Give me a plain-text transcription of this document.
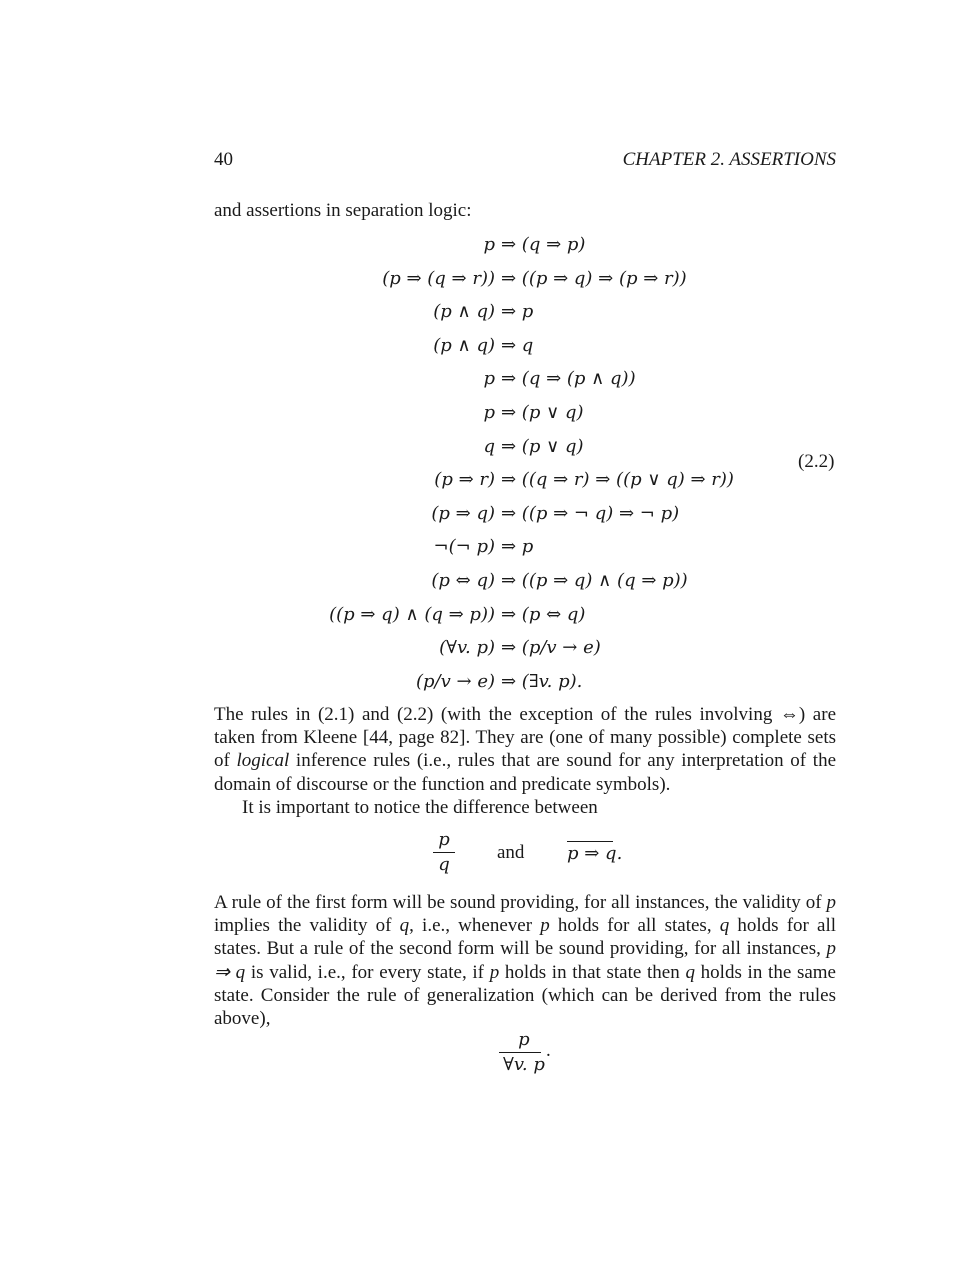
40	CHAPTER 2. ASSERTIONS
and assertions in separation logic:
p ⇒ (q ⇒ p)
(p ⇒ (q ⇒ r)) ⇒ ((p ⇒ q) ⇒ (p ⇒ r))
(p ∧ q) ⇒ p
(p ∧ q) ⇒ q
p ⇒ (q ⇒ (p ∧ q))
p ⇒ (p ∨ q)
q ⇒ (p ∨ q)
(p ⇒ r) ⇒ ((q ⇒ r) ⇒ ((p ∨ q) ⇒ r))
(p ⇒ q) ⇒ ((p ⇒ ¬ q) ⇒ ¬ p)
¬(¬ p) ⇒ p
(p ⇔ q) ⇒ ((p ⇒ q) ∧ (q ⇒ p))
((p ⇒ q) ∧ (q ⇒ p)) ⇒ (p ⇔ q)
(∀v. p) ⇒ (p/v → e)
(p/v → e) ⇒ (∃v. p).
(2.2)
The rules in (2.1) and (2.2) (with the exception of the rules involving ⇔) are taken from Kleene [44, page 82]. They are (one of many possible) complete sets of logical inference rules (i.e., rules that are sound for any interpretation of the domain of discourse or the function and predicate symbols).
It is important to notice the difference between
p
q
and p ⇒ q.
A rule of the first form will be sound providing, for all instances, the validity of p implies the validity of q, i.e., whenever p holds for all states, q holds for all states. But a rule of the second form will be sound providing, for all instances, p ⇒ q is valid, i.e., for every state, if p holds in that state then q holds in the same state. Consider the rule of generalization (which can be derived from the rules above),
p
∀v. p
.
